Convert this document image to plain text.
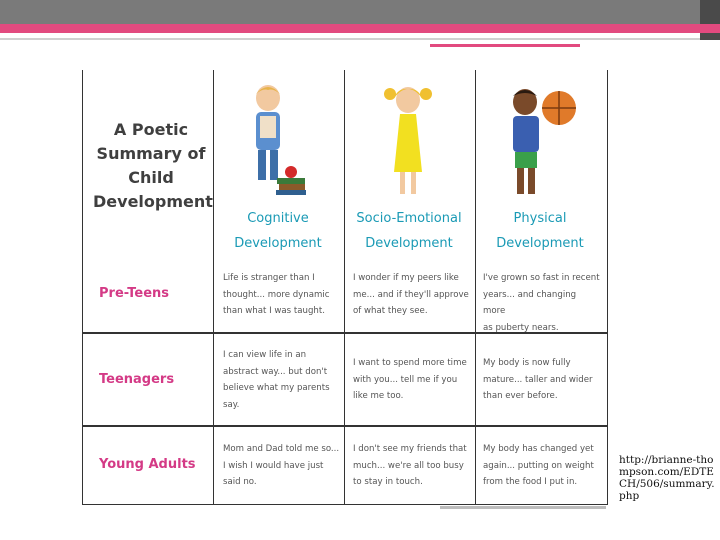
A Poetic
Summary of
Child
Development
Cognitive
Development
Socio-Emotional
Development
Physical
Development
Pre-Teens
Teenagers
Young Adults
Life is stranger than I
thought... more dynamic
than what I was taught.
I wonder if my peers like
me... and if they'll approve
of what they see.
I've grown so fast in recent
years... and changing more
as puberty nears.
I can view life in an
abstract way... but don't
believe what my parents
say.
I want to spend more time
with you... tell me if you
like me too.
My body is now fully
mature... taller and wider
than ever before.
Mom and Dad told me so...
I wish I would have just
said no.
I don't see my friends that
much... we're all too busy
to stay in touch.
My body has changed yet
again... putting on weight
from the food I put in.
http://brianne-thompson.com/EDTECH/506/summary.php
